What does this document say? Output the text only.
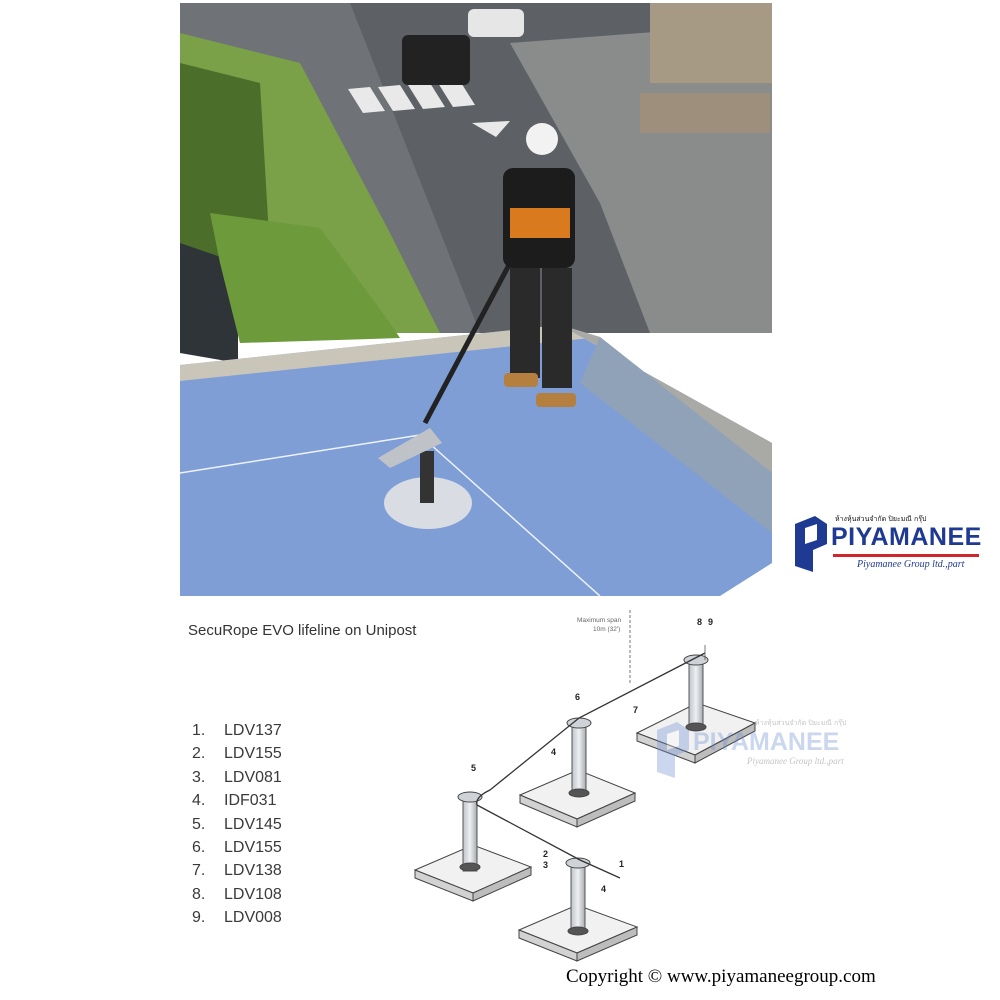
ห้างหุ้นส่วนจำกัด ปิยะมณี กรุ๊ป
PIYAMANEE
Piyamanee Group ltd.,part
SecuRope EVO lifeline on Unipost
1.	LDV137
2.	LDV155
3.	LDV081
4.	IDF031
5.	LDV145
6.	LDV155
7.	LDV138
8.	LDV108
9.	LDV008
8 9
6
7
4
5
2
3	1
4
Maximum span
10m (32')
ห้างหุ้นส่วนจำกัด ปิยะมณี กรุ๊ป
PIYAMANEE
Piyamanee Group ltd.,part
Copyright © www.piyamaneegroup.com
